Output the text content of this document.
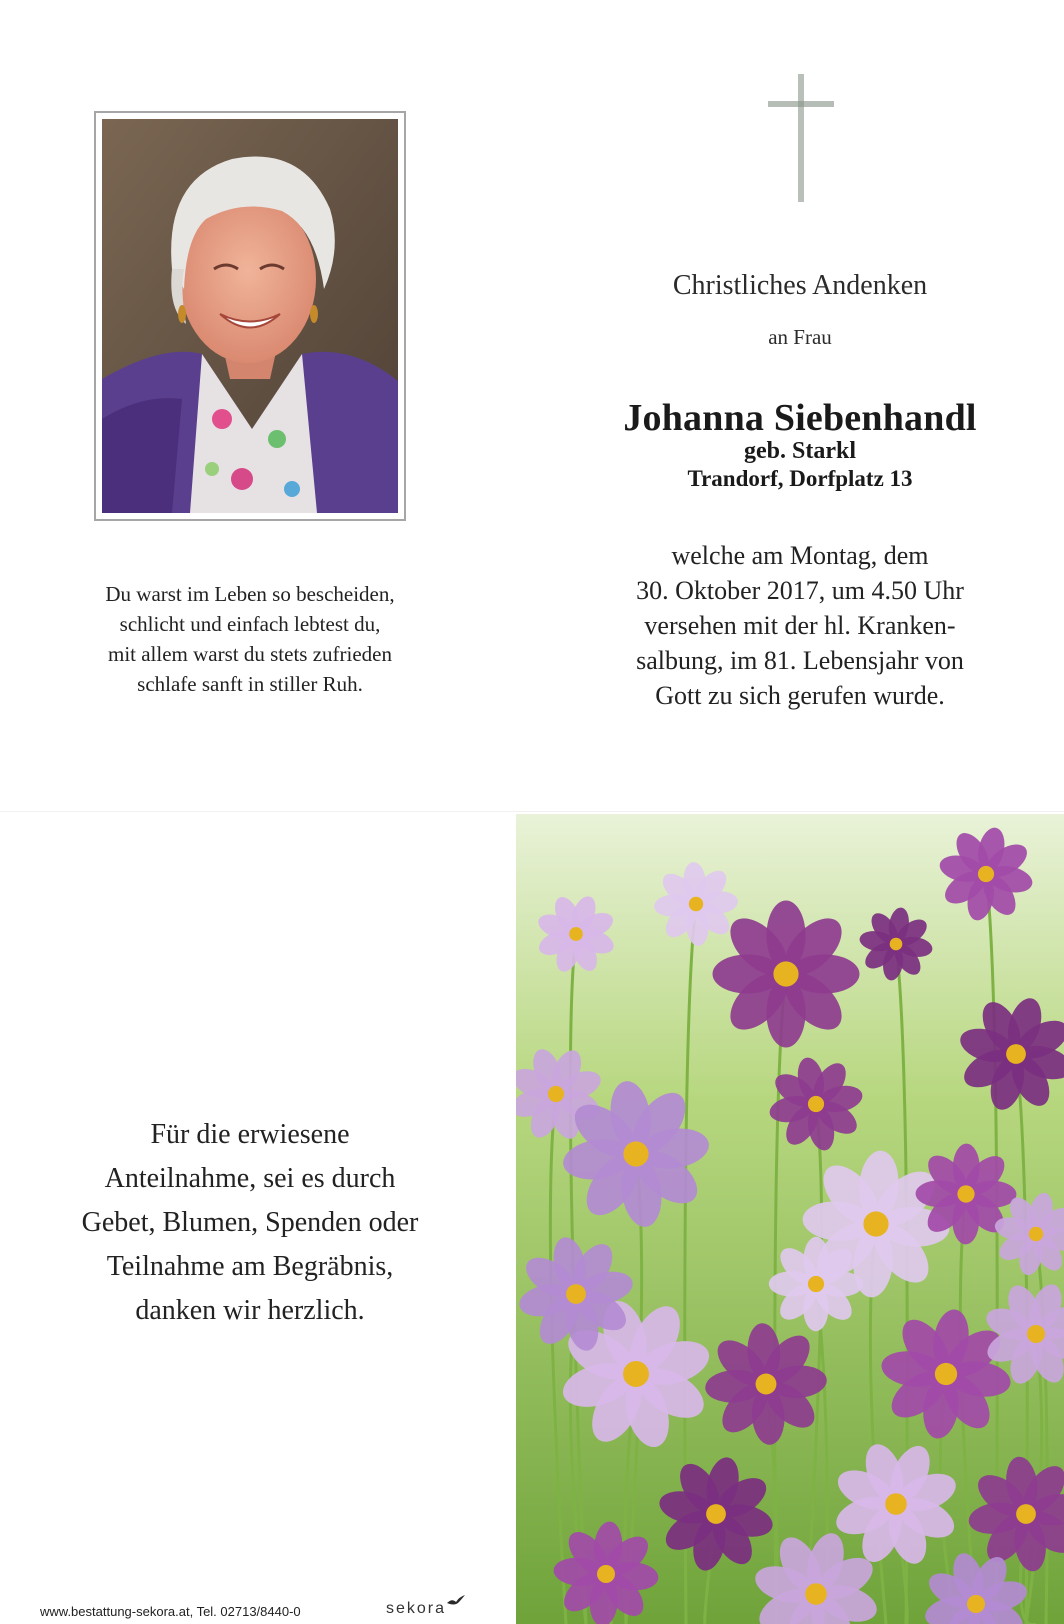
Du warst im Leben so bescheiden,
schlicht und einfach lebtest du,
mit allem warst du stets zufrieden
schlafe sanft in stiller Ruh.
Christliches Andenken
an Frau
Johanna Siebenhandl
geb. Starkl
Trandorf, Dorfplatz 13
welche am Montag, dem
30. Oktober 2017, um 4.50 Uhr
versehen mit der hl. Kranken-
salbung, im 81. Lebensjahr von
Gott zu sich gerufen wurde.
Für die erwiesene
Anteilnahme, sei es durch
Gebet, Blumen, Spenden oder
Teilnahme am Begräbnis,
danken wir herzlich.
www.bestattung-sekora.at, Tel. 02713/8440-0	sekora
